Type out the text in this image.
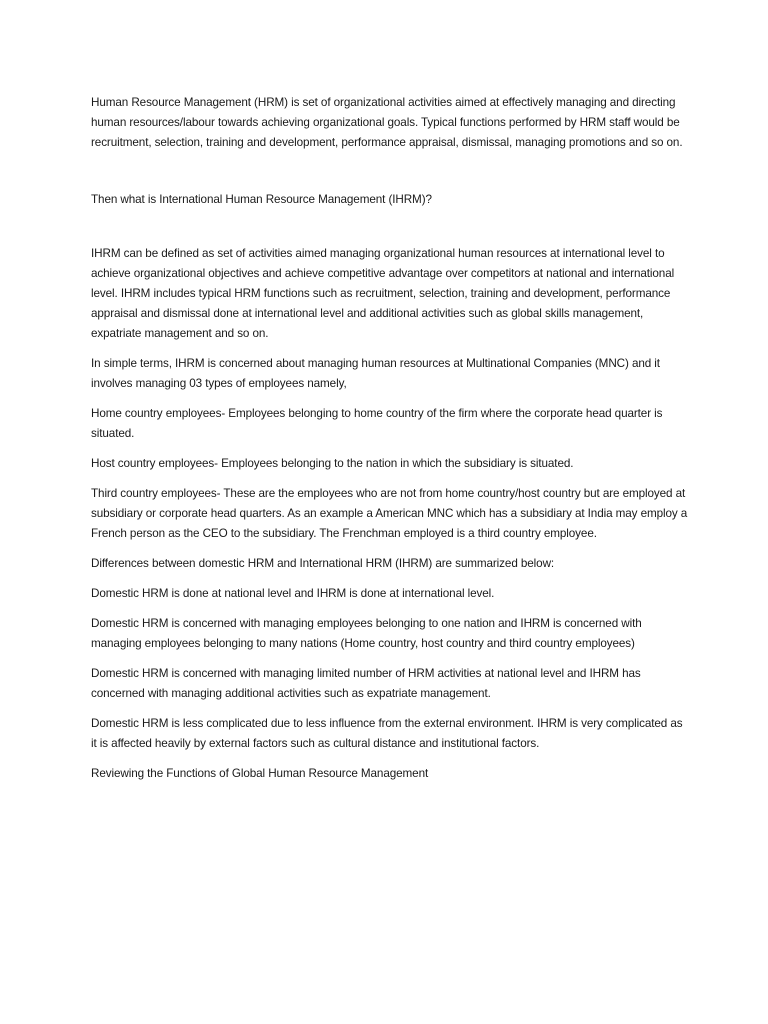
Human Resource Management (HRM) is set of organizational activities aimed at effectively managing and directing human resources/labour towards achieving organizational goals. Typical functions performed by HRM staff would be recruitment, selection, training and development, performance appraisal, dismissal, managing promotions and so on.

Then what is International Human Resource Management (IHRM)?

IHRM can be defined as set of activities aimed managing organizational human resources at international level to achieve organizational objectives and achieve competitive advantage over competitors at national and international level. IHRM includes typical HRM functions such as recruitment, selection, training and development, performance appraisal and dismissal done at international level and additional activities such as global skills management, expatriate management and so on.

In simple terms, IHRM is concerned about managing human resources at Multinational Companies (MNC) and it involves managing 03 types of employees namely,

Home country employees- Employees belonging to home country of the firm where the corporate head quarter is situated.

Host country employees- Employees belonging to the nation in which the subsidiary is situated.

Third country employees- These are the employees who are not from home country/host country but are employed at subsidiary or corporate head quarters. As an example a American MNC which has a subsidiary at India may employ a French person as the CEO to the subsidiary. The Frenchman employed is a third country employee.

Differences between domestic HRM and International HRM (IHRM) are summarized below:

Domestic HRM is done at national level and IHRM is done at international level.

Domestic HRM is concerned with managing employees belonging to one nation and IHRM is concerned with managing employees belonging to many nations (Home country, host country and third country employees)

Domestic HRM is concerned with managing limited number of HRM activities at national level and IHRM has concerned with managing additional activities such as expatriate management.

Domestic HRM is less complicated due to less influence from the external environment. IHRM is very complicated as it is affected heavily by external factors such as cultural distance and institutional factors.

Reviewing the Functions of Global Human Resource Management
